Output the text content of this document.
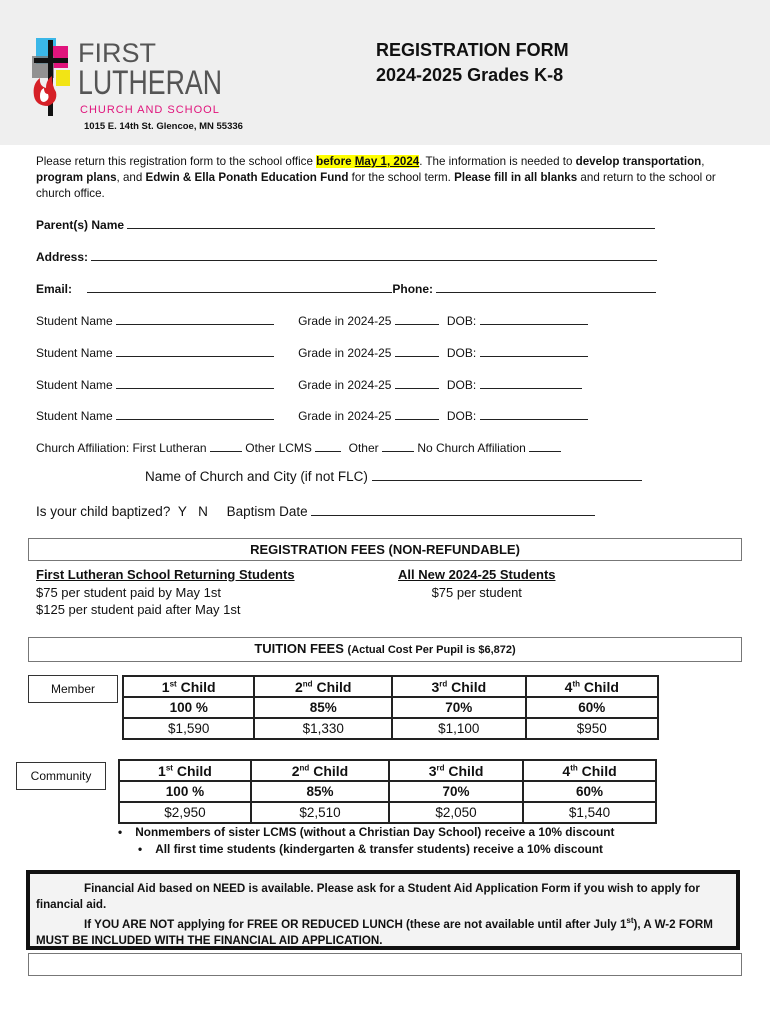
FIRST
LUTHERAN
CHURCH AND SCHOOL
1015 E. 14th St. Glencoe, MN 55336
REGISTRATION FORM
2024-2025 Grades K-8
Please return this registration form to the school office before May 1, 2024. The information is needed to develop transportation, program plans, and Edwin & Ella Ponath Education Fund for the school term. Please fill in all blanks and return to the school or church office.
Parent(s) Name
Address:
Email:	Phone:
Student Name	Grade in 2024-25	DOB:
Student Name	Grade in 2024-25	DOB:
Student Name	Grade in 2024-25	DOB:
Student Name	Grade in 2024-25	DOB:
Church Affiliation: First Lutheran	Other LCMS	Other	No Church Affiliation
Name of Church and City (if not FLC)
Is your child baptized? Y N Baptism Date
REGISTRATION FEES (NON-REFUNDABLE)
First Lutheran School Returning Students
$75 per student paid by May 1st
$125 per student paid after May 1st
All New 2024-25 Students
$75 per student
TUITION FEES (Actual Cost Per Pupil is $6,872)
Member	1st Child	2nd Child	3rd Child	4th Child
100 %	85%	70%	60%
$1,590	$1,330	$1,100	$950
Community	1st Child	2nd Child	3rd Child	4th Child
100 %	85%	70%	60%
$2,950	$2,510	$2,050	$1,540
•    Nonmembers of sister LCMS (without a Christian Day School) receive a 10% discount
•    All first time students (kindergarten & transfer students) receive a 10% discount

Financial Aid based on NEED is available. Please ask for a Student Aid Application Form if you wish to apply for financial aid.

If YOU ARE NOT applying for FREE OR REDUCED LUNCH (these are not available until after July 1st), A W-2 FORM MUST BE INCLUDED WITH THE FINANCIAL AID APPLICATION.
